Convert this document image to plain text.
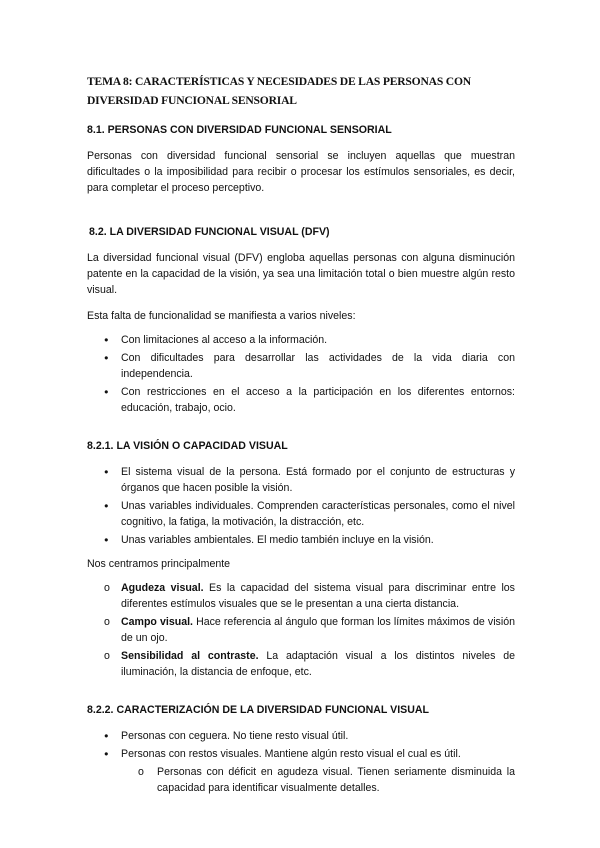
TEMA 8: CARACTERÍSTICAS Y NECESIDADES DE LAS PERSONAS CON DIVERSIDAD FUNCIONAL SENSORIAL
8.1. PERSONAS CON DIVERSIDAD FUNCIONAL SENSORIAL

Personas con diversidad funcional sensorial se incluyen aquellas que muestran dificultades o la imposibilidad para recibir o procesar los estímulos sensoriales, es decir, para completar el proceso perceptivo.

8.2. LA DIVERSIDAD FUNCIONAL VISUAL (DFV)

La diversidad funcional visual (DFV) engloba aquellas personas con alguna disminución patente en la capacidad de la visión, ya sea una limitación total o bien muestre algún resto visual.

Esta falta de funcionalidad se manifiesta a varios niveles:

● Con limitaciones al acceso a la información.
● Con dificultades para desarrollar las actividades de la vida diaria con independencia.
● Con restricciones en el acceso a la participación en los diferentes entornos: educación, trabajo, ocio.
8.2.1. LA VISIÓN O CAPACIDAD VISUAL
● El sistema visual de la persona. Está formado por el conjunto de estructuras y órganos que hacen posible la visión.
● Unas variables individuales. Comprenden características personales, como el nivel cognitivo, la fatiga, la motivación, la distracción, etc.
● Unas variables ambientales. El medio también incluye en la visión.

Nos centramos principalmente

o Agudeza visual. Es la capacidad del sistema visual para discriminar entre los diferentes estímulos visuales que se le presentan a una cierta distancia.
o Campo visual. Hace referencia al ángulo que forman los límites máximos de visión de un ojo.
o Sensibilidad al contraste. La adaptación visual a los distintos niveles de iluminación, la distancia de enfoque, etc.
8.2.2. CARACTERIZACIÓN DE LA DIVERSIDAD FUNCIONAL VISUAL
● Personas con ceguera. No tiene resto visual útil.
● Personas con restos visuales. Mantiene algún resto visual el cual es útil.
o Personas con déficit en agudeza visual. Tienen seriamente disminuida la capacidad para identificar visualmente detalles.
